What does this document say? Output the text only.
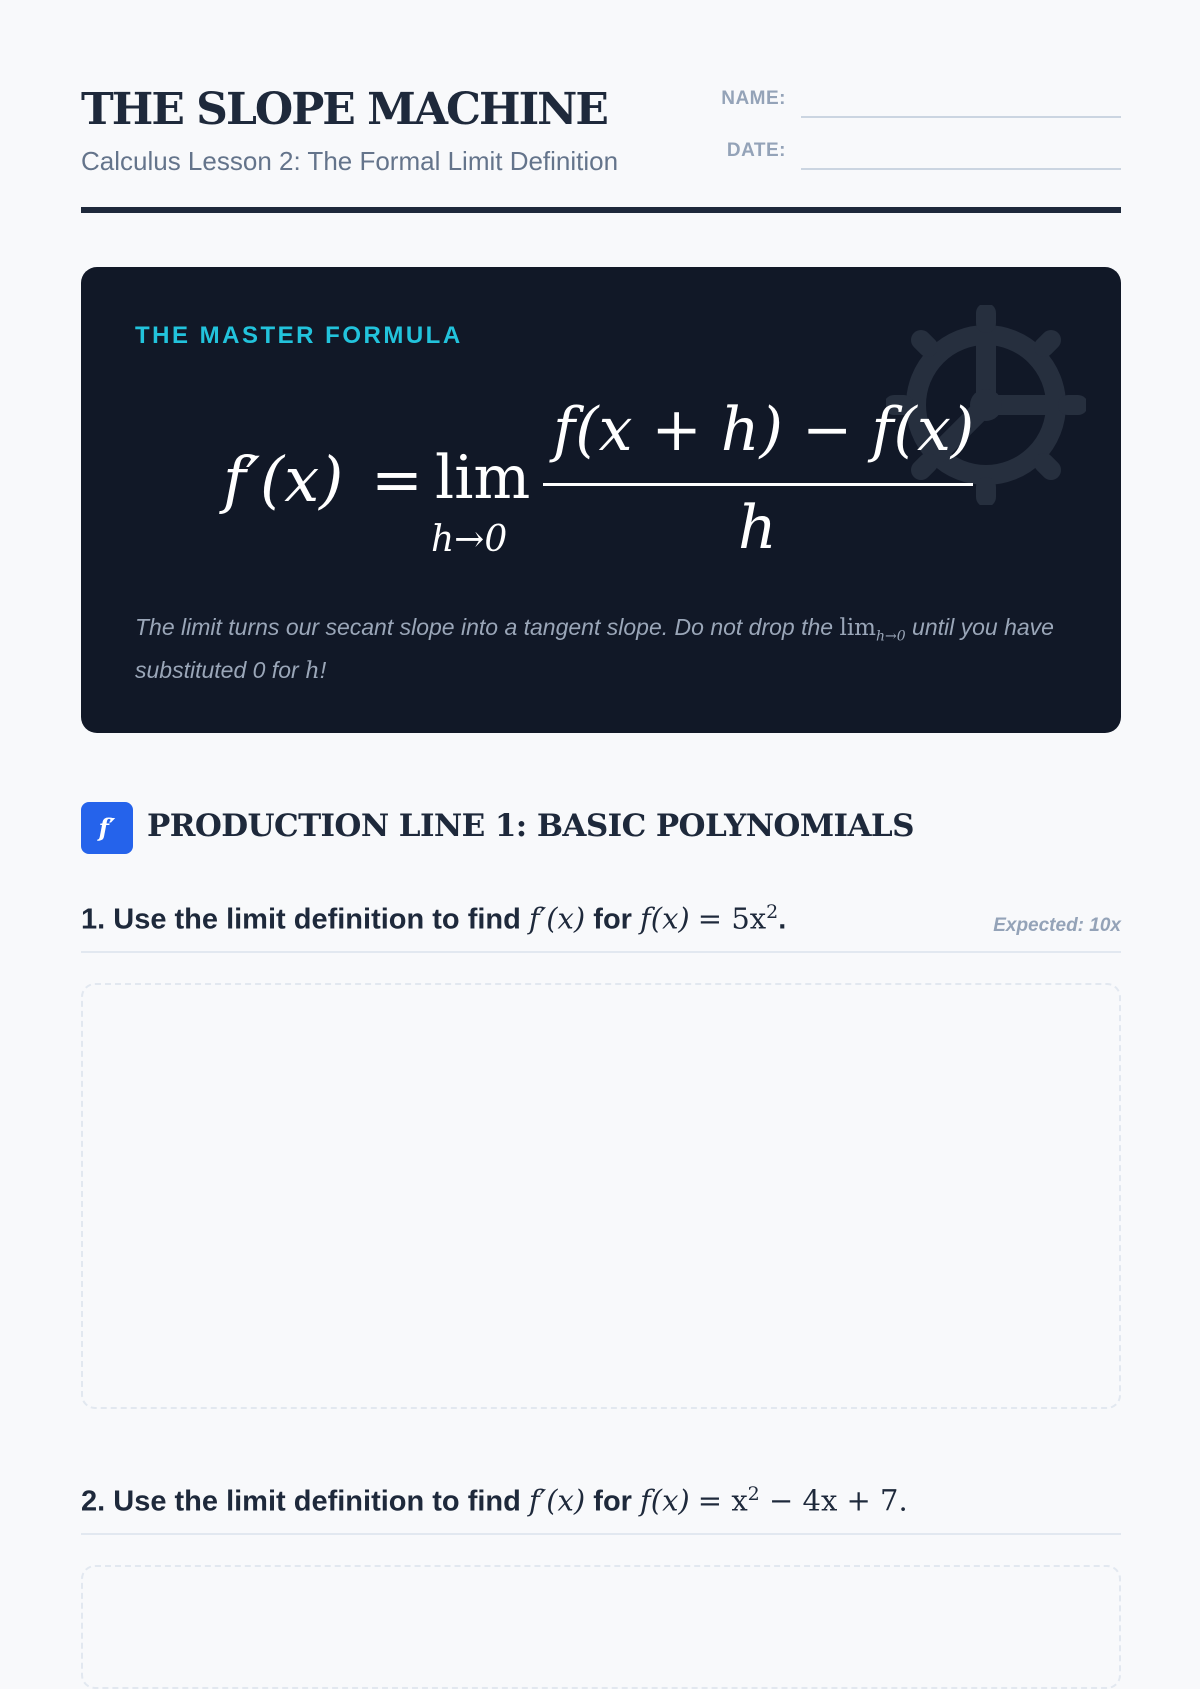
THE SLOPE MACHINE
Calculus Lesson 2: The Formal Limit Definition
NAME:
DATE:
THE MASTER FORMULA
f′(x) = lim
h→0
f(x + h) − f(x)
h
The limit turns our secant slope into a tangent slope. Do not drop the $\lim_{h\to 0}$ until you have substituted 0 for h!
f′	PRODUCTION LINE 1: BASIC POLYNOMIALS
1. Use the limit definition to find f′(x) for $f(x) = 5x^2$.	Expected: 10x
2. Use the limit definition to find f′(x) for $f(x) = x^2 - 4x + 7$.
